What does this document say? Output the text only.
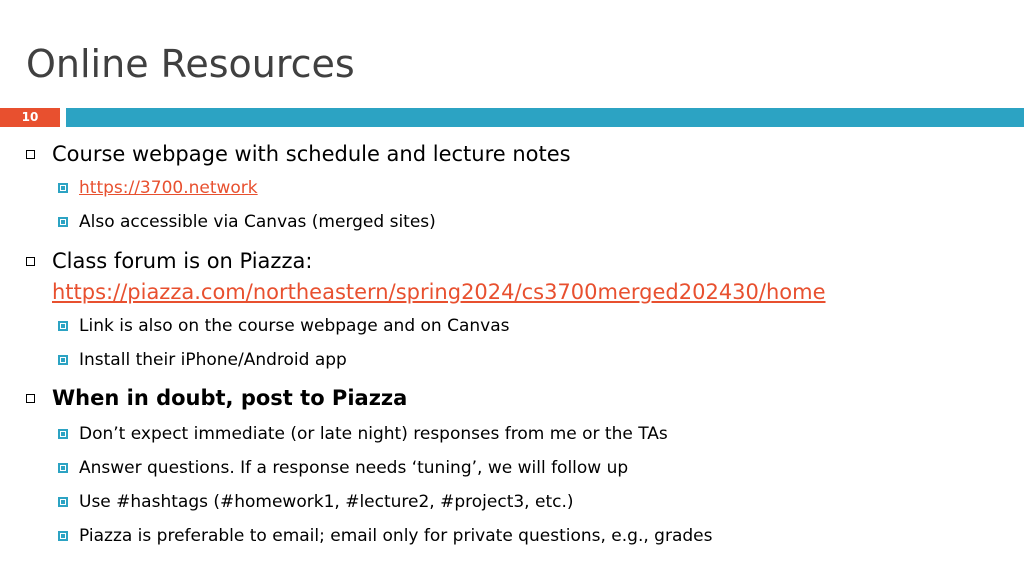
Online Resources
10
Course webpage with schedule and lecture notes
https://3700.network
Also accessible via Canvas (merged sites)
Class forum is on Piazza:
https://piazza.com/northeastern/spring2024/cs3700merged202430/home
Link is also on the course webpage and on Canvas
Install their iPhone/Android app
When in doubt, post to Piazza
Don’t expect immediate (or late night) responses from me or the TAs
Answer questions. If a response needs ‘tuning’, we will follow up
Use #hashtags (#homework1, #lecture2, #project3, etc.)
Piazza is preferable to email; email only for private questions, e.g., grades
